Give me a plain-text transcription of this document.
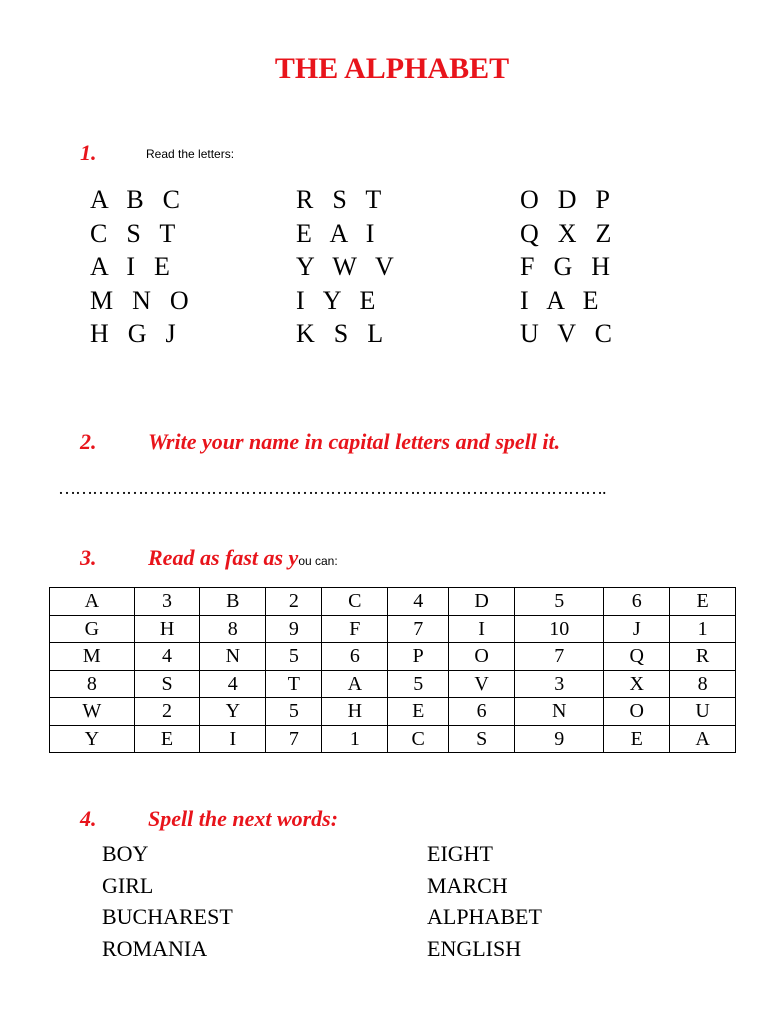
THE ALPHABET
1.	Read the letters:
A  B  C
C  S  T
A  I  E
M  N  O
H  G  J
R  S  T
E  A  I
Y  W  V
I  Y  E
K  S  L
O  D  P
Q  X  Z
F  G  H
I  A  E
U  V  C
2. Write your name in capital letters and spell it.
…………………………………………………………………………………….
3. Read as fast as you can:
A	3	B	2	C	4	D	5	6	E
G	H	8	9	F	7	I	10	J	1
M	4	N	5	6	P	O	7	Q	R
8	S	4	T	A	5	V	3	X	8
W	2	Y	5	H	E	6	N	O	U
Y	E	I	7	1	C	S	9	E	A
4. Spell the next words:
BOY
GIRL
BUCHAREST
ROMANIA
EIGHT
MARCH
ALPHABET
ENGLISH
